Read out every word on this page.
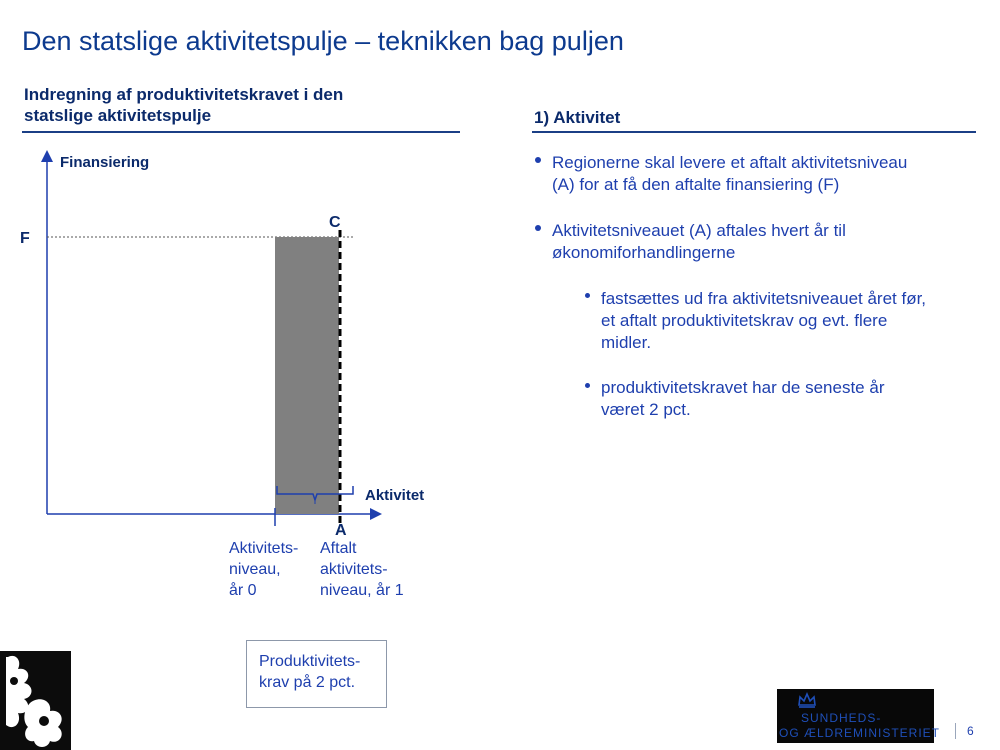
Den statslige aktivitetspulje – teknikken bag puljen
Indregning af produktivitetskravet i den
statslige aktivitetspulje	1) Aktivitet
Finansiering
Aktivitet
F
C
A
Aktivitets-
niveau,
år 0
Aftalt
aktivitets-
niveau, år 1
Produktivitets-
krav på 2 pct.
Regionerne skal levere et aftalt aktivitetsniveau
(A) for at få den aftalte finansiering (F)
Aktivitetsniveauet (A) aftales hvert år til
økonomiforhandlingerne
fastsættes ud fra aktivitetsniveauet året før,
et aftalt produktivitetskrav og evt. flere
midler.
produktivitetskravet har de seneste år
været 2 pct.
SUNDHEDS-
OG ÆLDREMINISTERIET 6
